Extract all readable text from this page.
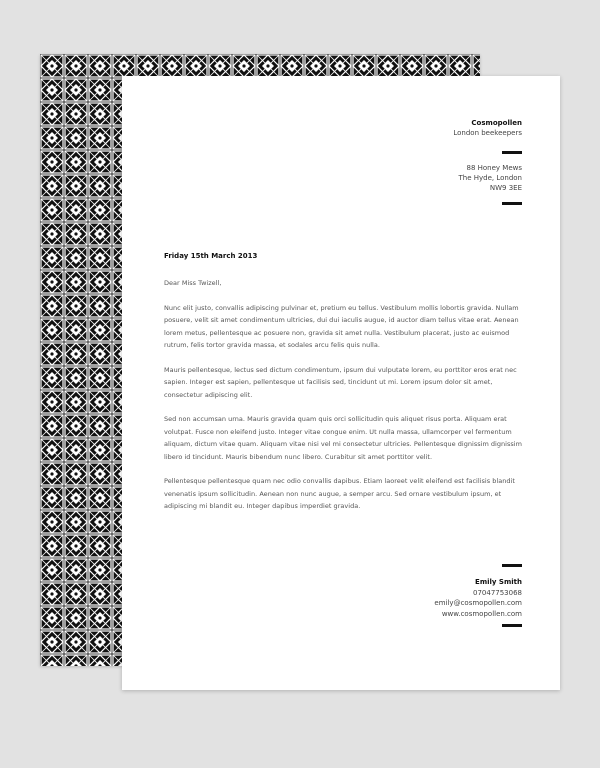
Cosmopollen
London beekeepers
88 Honey Mews
The Hyde, London
NW9 3EE
Friday 15th March 2013

Dear Miss Twizell,

Nunc elit justo, convallis adipiscing pulvinar et, pretium eu tellus. Vestibulum mollis lobortis gravida. Nullam posuere, velit sit amet condimentum ultricies, dui dui iaculis augue, id auctor diam tellus vitae erat. Aenean lorem metus, pellentesque ac posuere non, gravida sit amet nulla. Vestibulum placerat, justo ac euismod rutrum, felis tortor gravida massa, et sodales arcu felis quis nulla.

Mauris pellentesque, lectus sed dictum condimentum, ipsum dui vulputate lorem, eu porttitor eros erat nec sapien. Integer est sapien, pellentesque ut facilisis sed, tincidunt ut mi. Lorem ipsum dolor sit amet, consectetur adipiscing elit.

Sed non accumsan urna. Mauris gravida quam quis orci sollicitudin quis aliquet risus porta. Aliquam erat volutpat. Fusce non eleifend justo. Integer vitae congue enim. Ut nulla massa, ullamcorper vel fermentum aliquam, dictum vitae quam. Aliquam vitae nisi vel mi consectetur ultricies. Pellentesque dignissim dignissim libero id tincidunt. Mauris bibendum nunc libero. Curabitur sit amet porttitor velit.

Pellentesque pellentesque quam nec odio convallis dapibus. Etiam laoreet velit eleifend est facilisis blandit venenatis ipsum sollicitudin. Aenean non nunc augue, a semper arcu. Sed ornare vestibulum ipsum, et adipiscing mi blandit eu. Integer dapibus imperdiet gravida.

Emily Smith
07047753068
emily@cosmopollen.com
www.cosmopollen.com
